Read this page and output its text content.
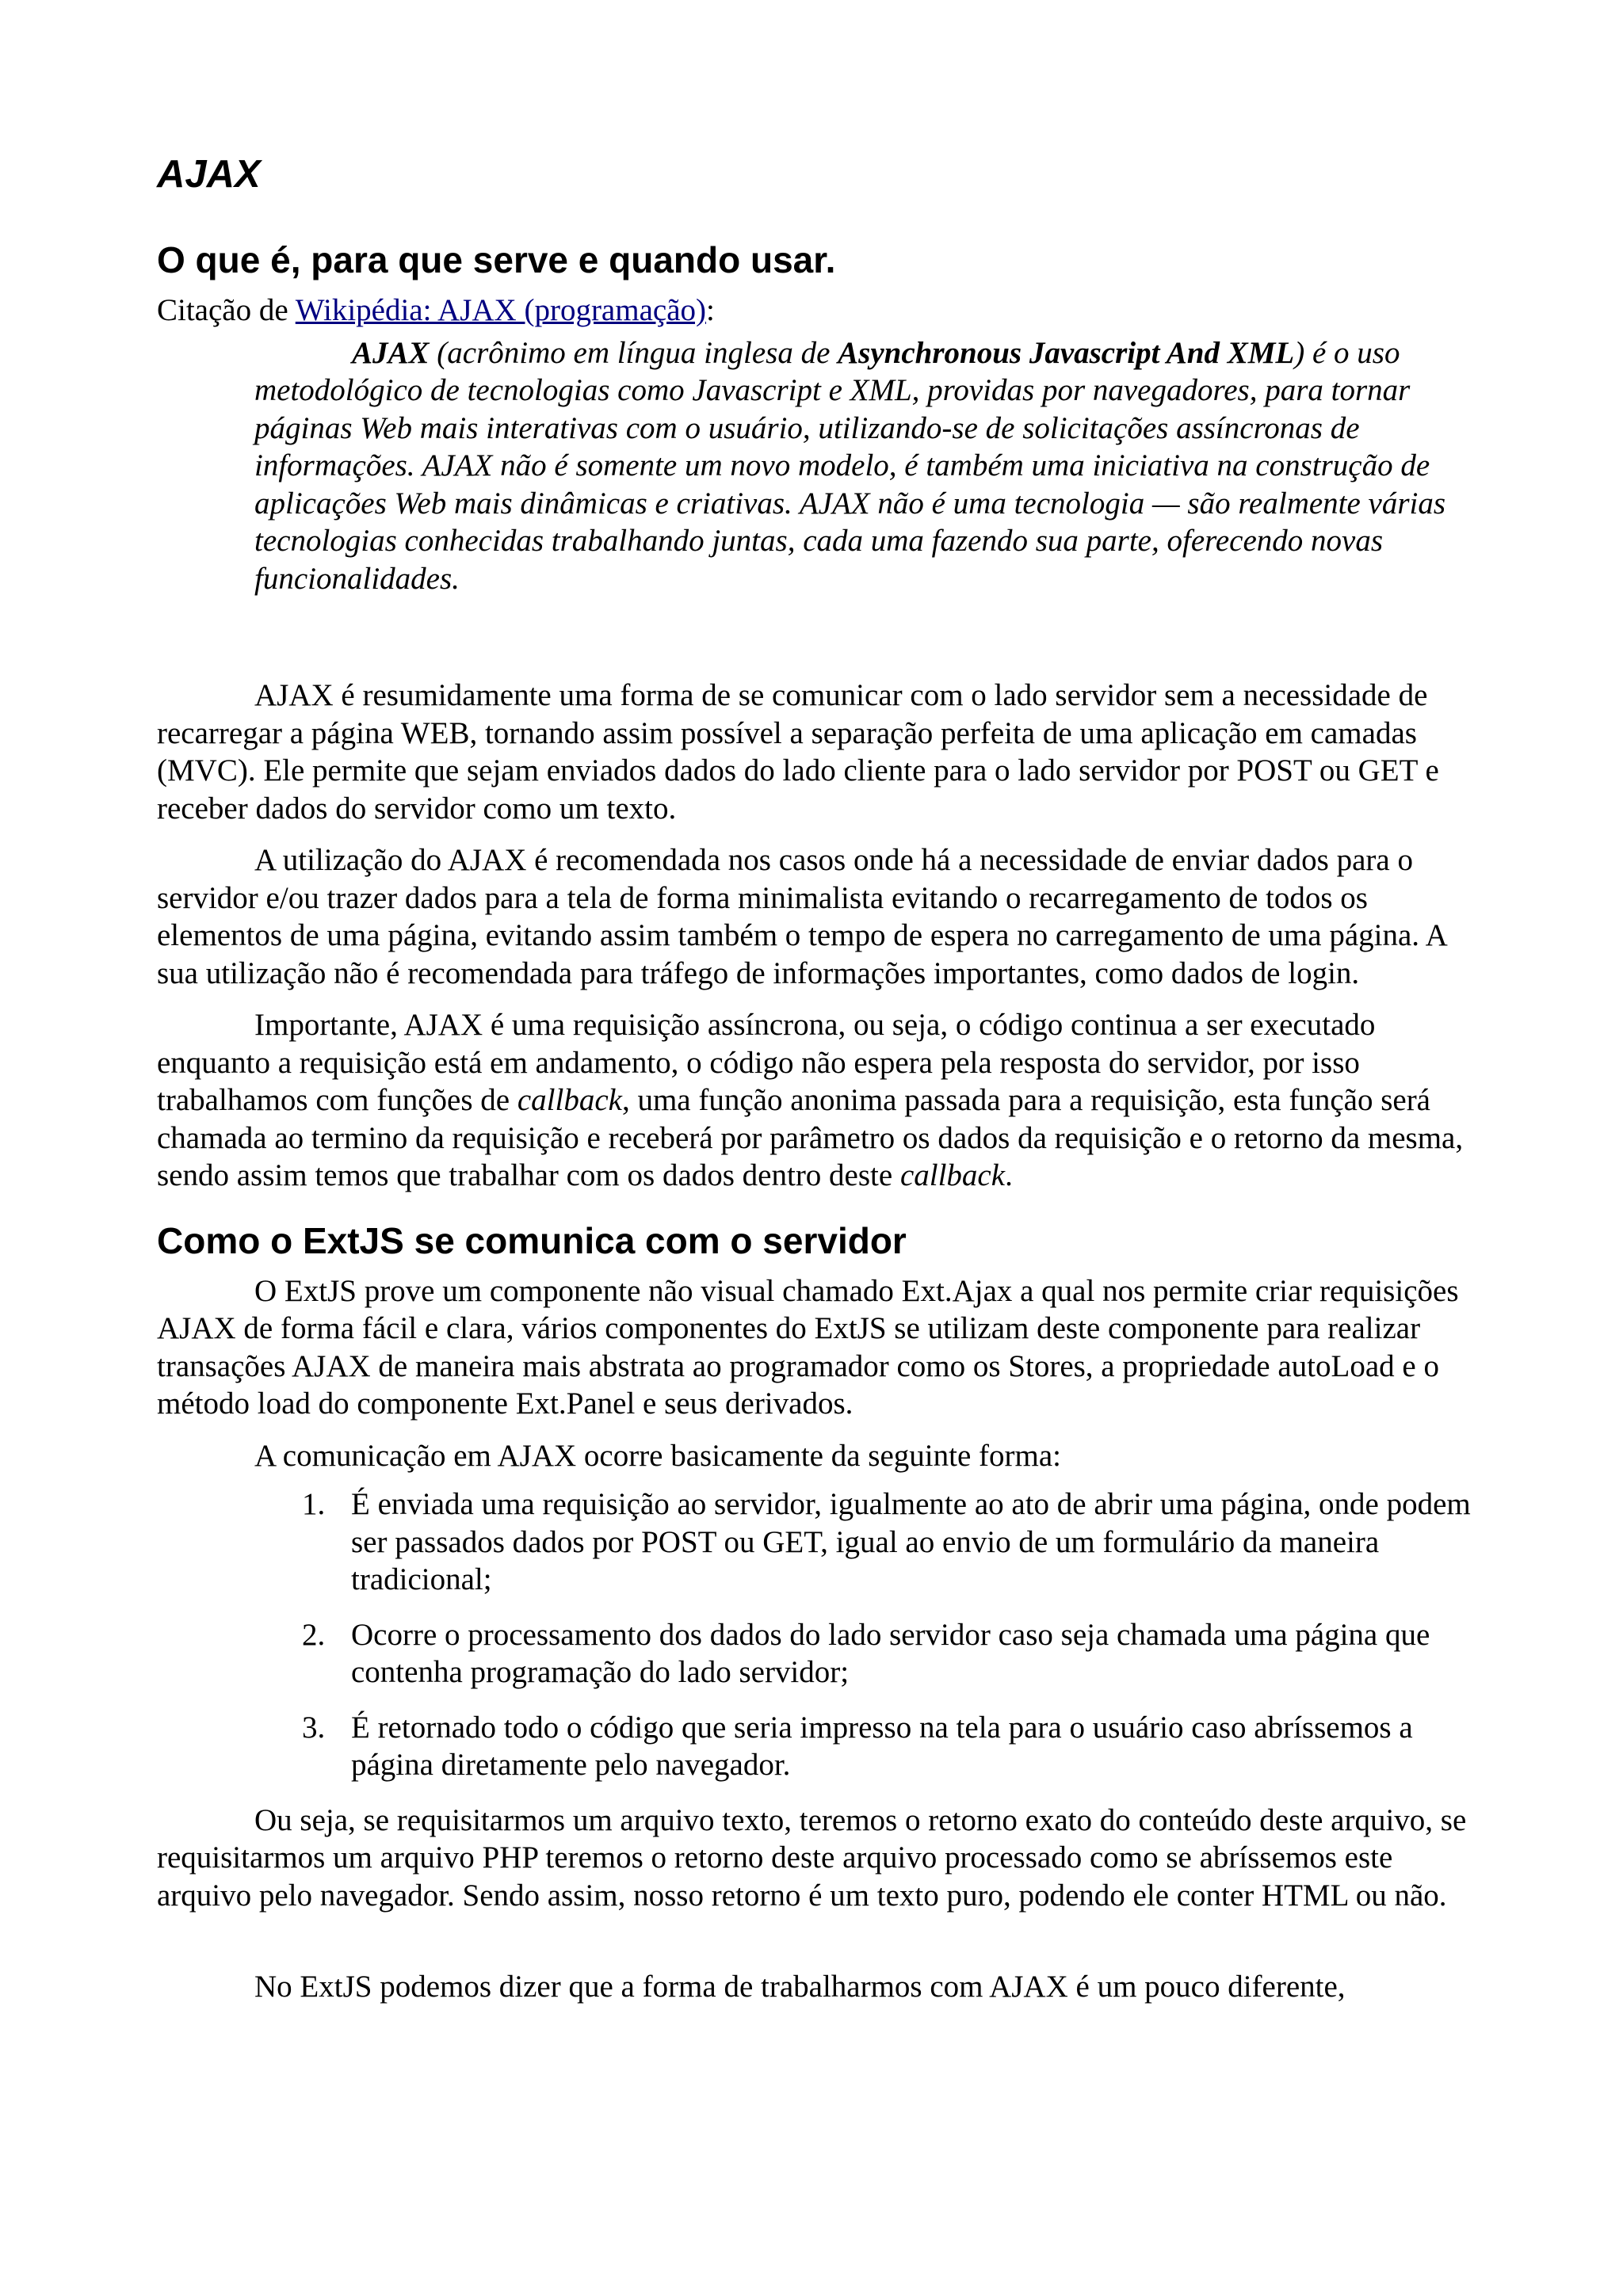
AJAX
O que é, para que serve e quando usar.

Citação de Wikipédia: AJAX (programação):

AJAX (acrônimo em língua inglesa de Asynchronous Javascript And XML) é o uso metodológico de tecnologias como Javascript e XML, providas por navegadores, para tornar páginas Web mais interativas com o usuário, utilizando-se de solicitações assíncronas de informações. AJAX não é somente um novo modelo, é também uma iniciativa na construção de aplicações Web mais dinâmicas e criativas. AJAX não é uma tecnologia — são realmente várias tecnologias conhecidas trabalhando juntas, cada uma fazendo sua parte, oferecendo novas funcionalidades.

AJAX é resumidamente uma forma de se comunicar com o lado servidor sem a necessidade de recarregar a página WEB, tornando assim possível a separação perfeita de uma aplicação em camadas (MVC). Ele permite que sejam enviados dados do lado cliente para o lado servidor por POST ou GET e receber dados do servidor como um texto.

A utilização do AJAX é recomendada nos casos onde há a necessidade de enviar dados para o servidor e/ou trazer dados para a tela de forma minimalista evitando o recarregamento de todos os elementos de uma página, evitando assim também o tempo de espera no carregamento de uma página. A sua utilização não é recomendada para tráfego de informações importantes, como dados de login.

Importante, AJAX é uma requisição assíncrona, ou seja, o código continua a ser executado enquanto a requisição está em andamento, o código não espera pela resposta do servidor, por isso trabalhamos com funções de callback, uma função anonima passada para a requisição, esta função será chamada ao termino da requisição e receberá por parâmetro os dados da requisição e o retorno da mesma, sendo assim temos que trabalhar com os dados dentro deste callback.

Como o ExtJS se comunica com o servidor

O ExtJS prove um componente não visual chamado Ext.Ajax a qual nos permite criar requisições AJAX de forma fácil e clara, vários componentes do ExtJS se utilizam deste componente para realizar transações AJAX de maneira mais abstrata ao programador como os Stores, a propriedade autoLoad e o método load do componente Ext.Panel e seus derivados.

A comunicação em AJAX ocorre basicamente da seguinte forma:

1. É enviada uma requisição ao servidor, igualmente ao ato de abrir uma página, onde podem ser passados dados por POST ou GET, igual ao envio de um formulário da maneira tradicional;
2. Ocorre o processamento dos dados do lado servidor caso seja chamada uma página que contenha programação do lado servidor;
3. É retornado todo o código que seria impresso na tela para o usuário caso abríssemos a página diretamente pelo navegador.

Ou seja, se requisitarmos um arquivo texto, teremos o retorno exato do conteúdo deste arquivo, se requisitarmos um arquivo PHP teremos o retorno deste arquivo processado como se abríssemos este arquivo pelo navegador. Sendo assim, nosso retorno é um texto puro, podendo ele conter HTML ou não.

No ExtJS podemos dizer que a forma de trabalharmos com AJAX é um pouco diferente,
